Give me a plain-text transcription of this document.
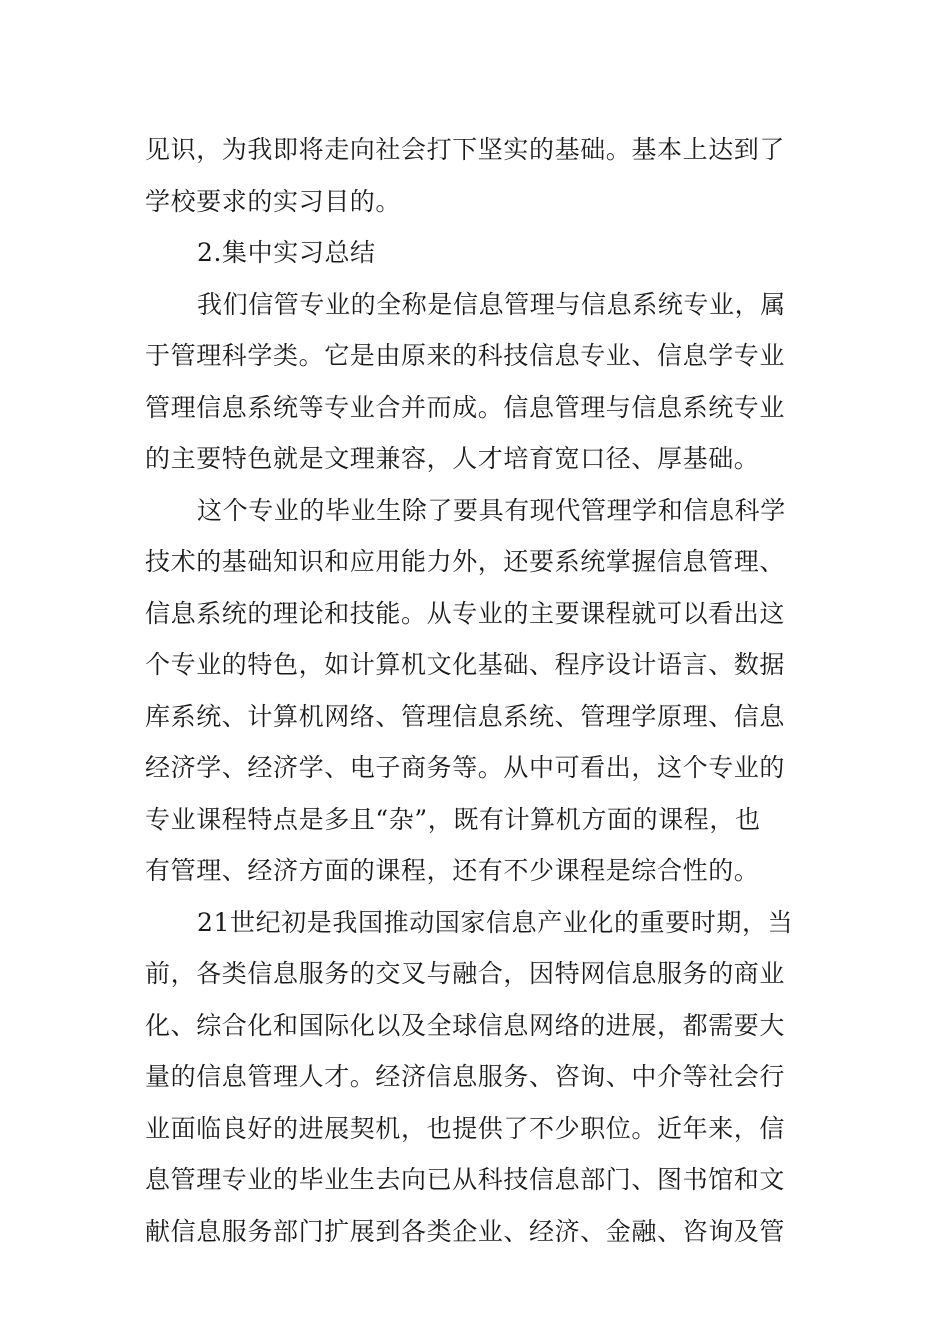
见识，为我即将走向社会打下坚实的基础。基本上达到了
学校要求的实习目的。
2.集中实习总结
我们信管专业的全称是信息管理与信息系统专业，属
于管理科学类。它是由原来的科技信息专业、信息学专业
管理信息系统等专业合并而成。信息管理与信息系统专业
的主要特色就是文理兼容，人才培育宽口径、厚基础。
这个专业的毕业生除了要具有现代管理学和信息科学
技术的基础知识和应用能力外，还要系统掌握信息管理、
信息系统的理论和技能。从专业的主要课程就可以看出这
个专业的特色，如计算机文化基础、程序设计语言、数据
库系统、计算机网络、管理信息系统、管理学原理、信息
经济学、经济学、电子商务等。从中可看出，这个专业的
专业课程特点是多且“杂”，既有计算机方面的课程，也
有管理、经济方面的课程，还有不少课程是综合性的。
21世纪初是我国推动国家信息产业化的重要时期，当
前，各类信息服务的交叉与融合，因特网信息服务的商业
化、综合化和国际化以及全球信息网络的进展，都需要大
量的信息管理人才。经济信息服务、咨询、中介等社会行
业面临良好的进展契机，也提供了不少职位。近年来，信
息管理专业的毕业生去向已从科技信息部门、图书馆和文
献信息服务部门扩展到各类企业、经济、金融、咨询及管
